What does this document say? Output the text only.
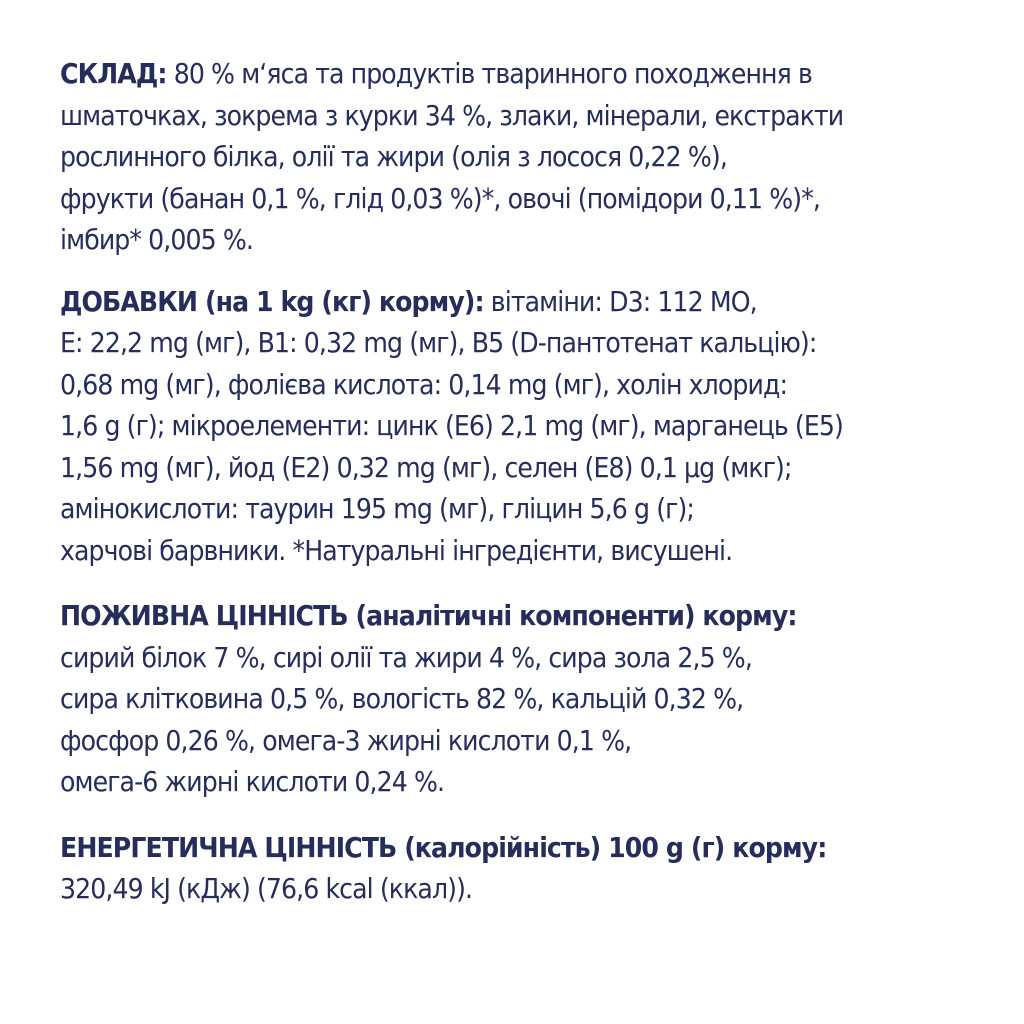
СКЛАД: 80 % м‘яса та продуктів тваринного походження в
шматочках, зокрема з курки 34 %, злаки, мінерали, екстракти
рослинного білка, олії та жири (олія з лосося 0,22 %),
фрукти (банан 0,1 %, глід 0,03 %)*, овочі (помідори 0,11 %)*,
імбир* 0,005 %.
ДОБАВКИ (на 1 kg (кг) корму): вітаміни: D3: 112 МО,
E: 22,2 mg (мг), B1: 0,32 mg (мг), B5 (D-пантотенат кальцію):
0,68 mg (мг), фолієва кислота: 0,14 mg (мг), холін хлорид:
1,6 g (г); мікроелементи: цинк (E6) 2,1 mg (мг), марганець (E5)
1,56 mg (мг), йод (E2) 0,32 mg (мг), селен (E8) 0,1 µg (мкг);
амінокислоти: таурин 195 mg (мг), гліцин 5,6 g (г);
харчові барвники. *Натуральні інгредієнти, висушені.
ПОЖИВНА ЦІННІСТЬ (аналітичні компоненти) корму:
сирий білок 7 %, сирі олії та жири 4 %, сира зола 2,5 %,
сира клітковина 0,5 %, вологість 82 %, кальцій 0,32 %,
фосфор 0,26 %, омега-3 жирні кислоти 0,1 %,
омега-6 жирні кислоти 0,24 %.
ЕНЕРГЕТИЧНА ЦІННІСТЬ (калорійність) 100 g (г) корму:
320,49 kJ (кДж) (76,6 kcal (ккал)).
